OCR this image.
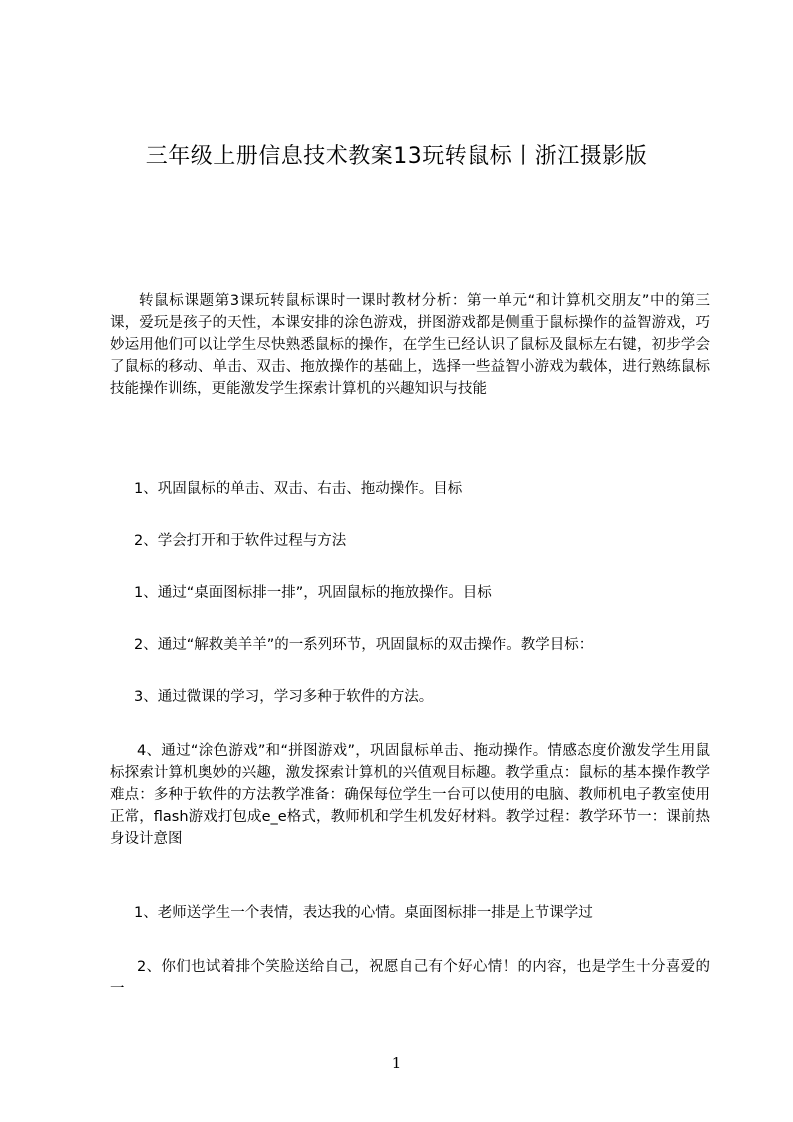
三年级上册信息技术教案13玩转鼠标丨浙江摄影版
转鼠标课题第3课玩转鼠标课时一课时教材分析：第一单元“和计算机交朋友”中的第三课，爱玩是孩子的天性，本课安排的涂色游戏，拼图游戏都是侧重于鼠标操作的益智游戏，巧妙运用他们可以让学生尽快熟悉鼠标的操作，在学生已经认识了鼠标及鼠标左右键，初步学会了鼠标的移动、单击、双击、拖放操作的基础上，选择一些益智小游戏为载体，进行熟练鼠标技能操作训练，更能激发学生探索计算机的兴趣知识与技能
1、巩固鼠标的单击、双击、右击、拖动操作。目标
2、学会打开和于软件过程与方法
1、通过“桌面图标排一排”，巩固鼠标的拖放操作。目标
2、通过“解救美羊羊”的一系列环节，巩固鼠标的双击操作。教学目标：
3、通过微课的学习，学习多种于软件的方法。
4、通过“涂色游戏”和“拼图游戏”，巩固鼠标单击、拖动操作。情感态度价激发学生用鼠标探索计算机奥妙的兴趣，激发探索计算机的兴值观目标趣。教学重点：鼠标的基本操作教学难点：多种于软件的方法教学准备：确保每位学生一台可以使用的电脑、教师机电子教室使用正常，flash游戏打包成e_e格式，教师机和学生机发好材料。教学过程：教学环节一：课前热身设计意图
1、老师送学生一个表情，表达我的心情。桌面图标排一排是上节课学过
2、你们也试着排个笑脸送给自己，祝愿自己有个好心情！的内容，也是学生十分喜爱的一
1
